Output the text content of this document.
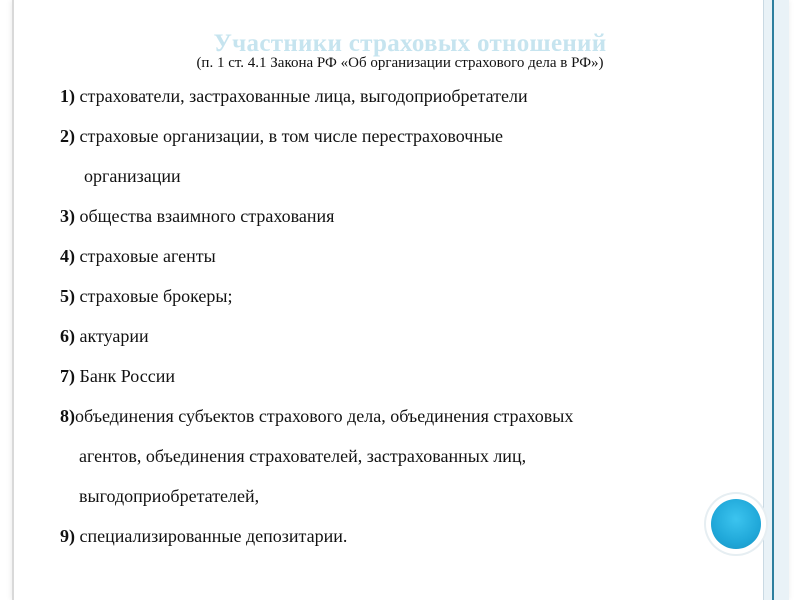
Участники страховых отношений
(п. 1 ст. 4.1 Закона РФ «Об организации страхового дела в РФ»)
1) страхователи, застрахованные лица, выгодоприобретатели
2) страховые организации, в том числе перестраховочные
организации
3) общества взаимного страхования
4) страховые агенты
5) страховые брокеры;
6) актуарии
7) Банк России
8)объединения субъектов страхового дела, объединения страховых
агентов, объединения страхователей, застрахованных лиц,
выгодоприобретателей,
9) специализированные депозитарии.
